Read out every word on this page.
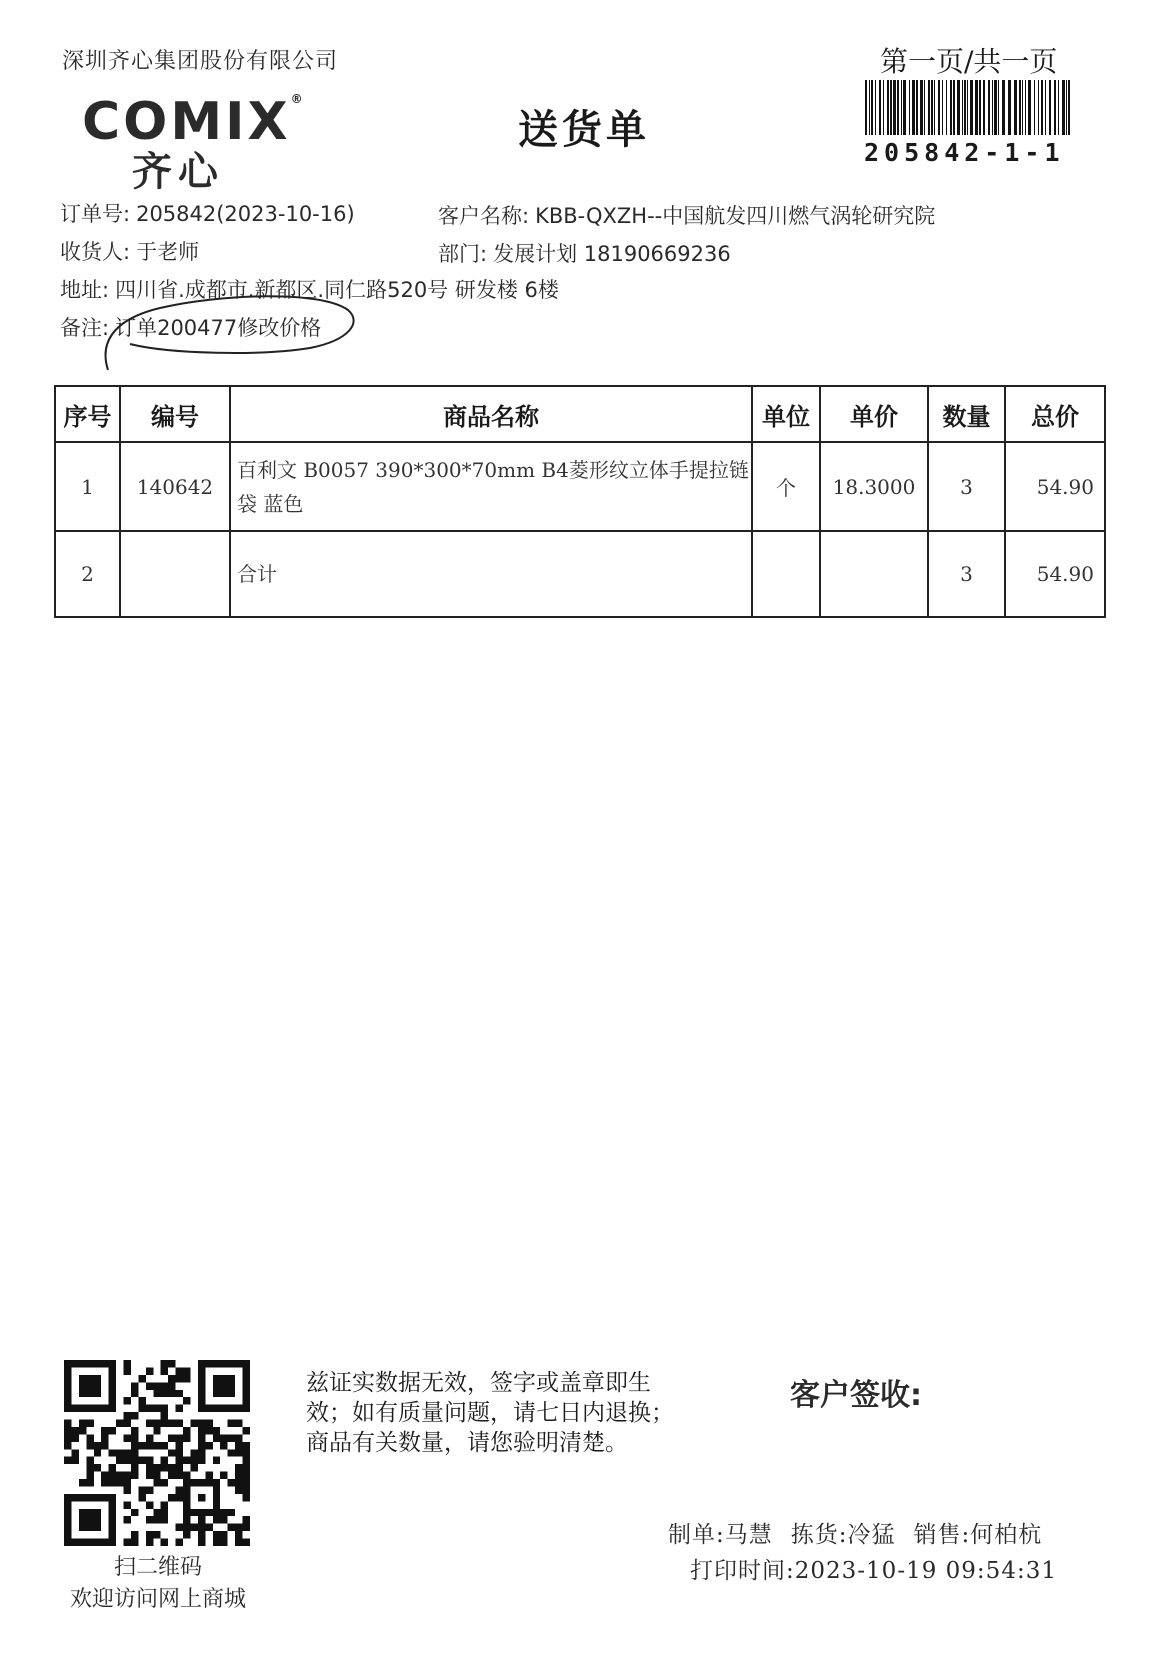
深圳齐心集团股份有限公司	第一页/共一页
COMIX®
齐心
送货单	205842-1-1
订单号: 205842(2023-10-16)	客户名称: KBB-QXZH--中国航发四川燃气涡轮研究院
收货人: 于老师	部门: 发展计划 18190669236
地址: 四川省.成都市.新都区.同仁路520号 研发楼 6楼
备注: 订单200477修改价格
序号	编号	商品名称	单位	单价	数量	总价
1	140642	百利文 B0057 390*300*70mm B4菱形纹立体手提拉链袋 蓝色	个	18.3000	3	54.90
2		合计			3	54.90
扫二维码
欢迎访问网上商城
兹证实数据无效，签字或盖章即生
效；如有质量问题，请七日内退换；
商品有关数量，请您验明清楚。
客户签收:
制单:马慧 拣货:冷猛 销售:何柏杭
打印时间:2023-10-19 09:54:31
